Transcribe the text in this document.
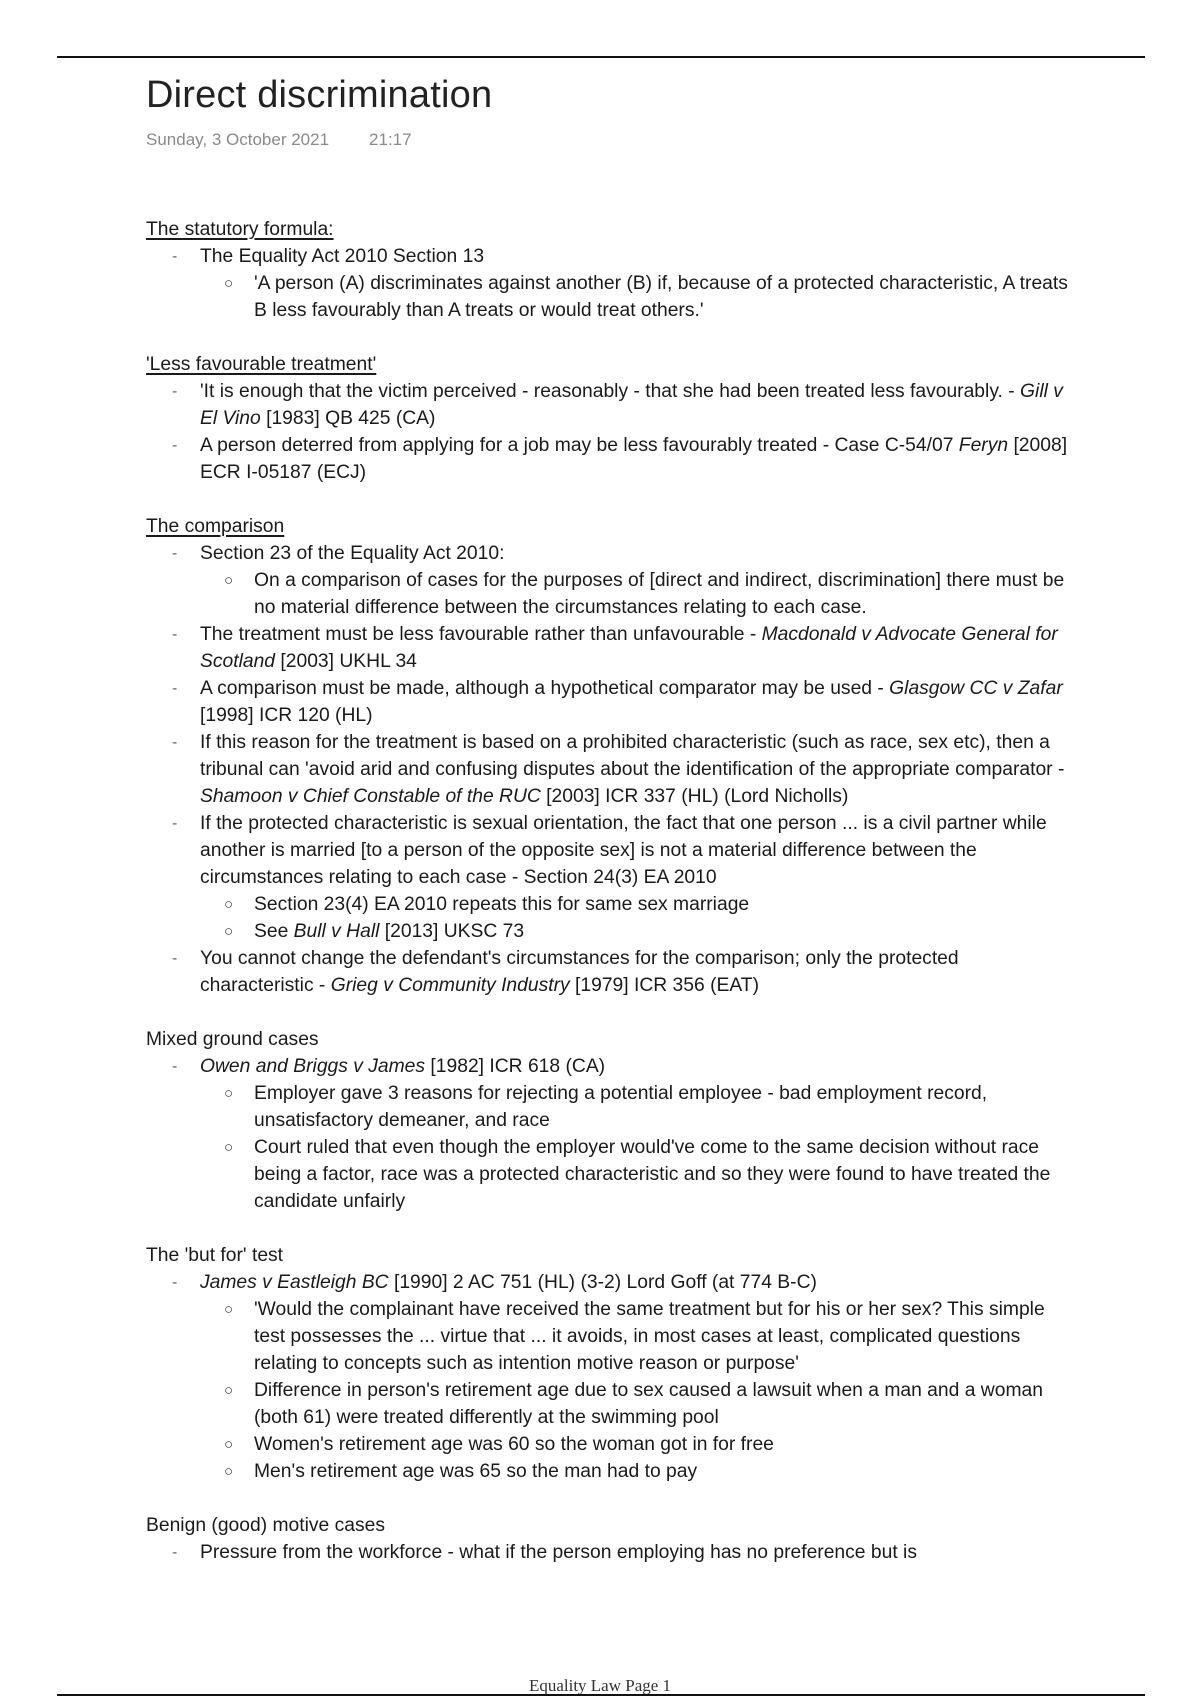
Direct discrimination
Sunday, 3 October 2021 21:17
The statutory formula:
- The Equality Act 2010 Section 13
○ 'A person (A) discriminates against another (B) if, because of a protected characteristic, A treats B less favourably than A treats or would treat others.'
'Less favourable treatment'
- 'It is enough that the victim perceived - reasonably - that she had been treated less favourably. - Gill v El Vino [1983] QB 425 (CA)
- A person deterred from applying for a job may be less favourably treated - Case C-54/07 Feryn [2008] ECR I-05187 (ECJ)
The comparison
- Section 23 of the Equality Act 2010:
○ On a comparison of cases for the purposes of [direct and indirect, discrimination] there must be no material difference between the circumstances relating to each case.
- The treatment must be less favourable rather than unfavourable - Macdonald v Advocate General for Scotland [2003] UKHL 34
- A comparison must be made, although a hypothetical comparator may be used - Glasgow CC v Zafar [1998] ICR 120 (HL)
- If this reason for the treatment is based on a prohibited characteristic (such as race, sex etc), then a tribunal can 'avoid arid and confusing disputes about the identification of the appropriate comparator - Shamoon v Chief Constable of the RUC [2003] ICR 337 (HL) (Lord Nicholls)
- If the protected characteristic is sexual orientation, the fact that one person ... is a civil partner while another is married [to a person of the opposite sex] is not a material difference between the circumstances relating to each case - Section 24(3) EA 2010
○ Section 23(4) EA 2010 repeats this for same sex marriage
○ See Bull v Hall [2013] UKSC 73
- You cannot change the defendant's circumstances for the comparison; only the protected characteristic - Grieg v Community Industry [1979] ICR 356 (EAT)
Mixed ground cases
- Owen and Briggs v James [1982] ICR 618 (CA)
○ Employer gave 3 reasons for rejecting a potential employee - bad employment record, unsatisfactory demeaner, and race
○ Court ruled that even though the employer would've come to the same decision without race being a factor, race was a protected characteristic and so they were found to have treated the candidate unfairly
The 'but for' test
- James v Eastleigh BC [1990] 2 AC 751 (HL) (3-2) Lord Goff (at 774 B-C)
○ 'Would the complainant have received the same treatment but for his or her sex? This simple test possesses the ... virtue that ... it avoids, in most cases at least, complicated questions relating to concepts such as intention motive reason or purpose'
○ Difference in person's retirement age due to sex caused a lawsuit when a man and a woman (both 61) were treated differently at the swimming pool
○ Women's retirement age was 60 so the woman got in for free
○ Men's retirement age was 65 so the man had to pay
Benign (good) motive cases
- Pressure from the workforce - what if the person employing has no preference but is
Equality Law Page 1
